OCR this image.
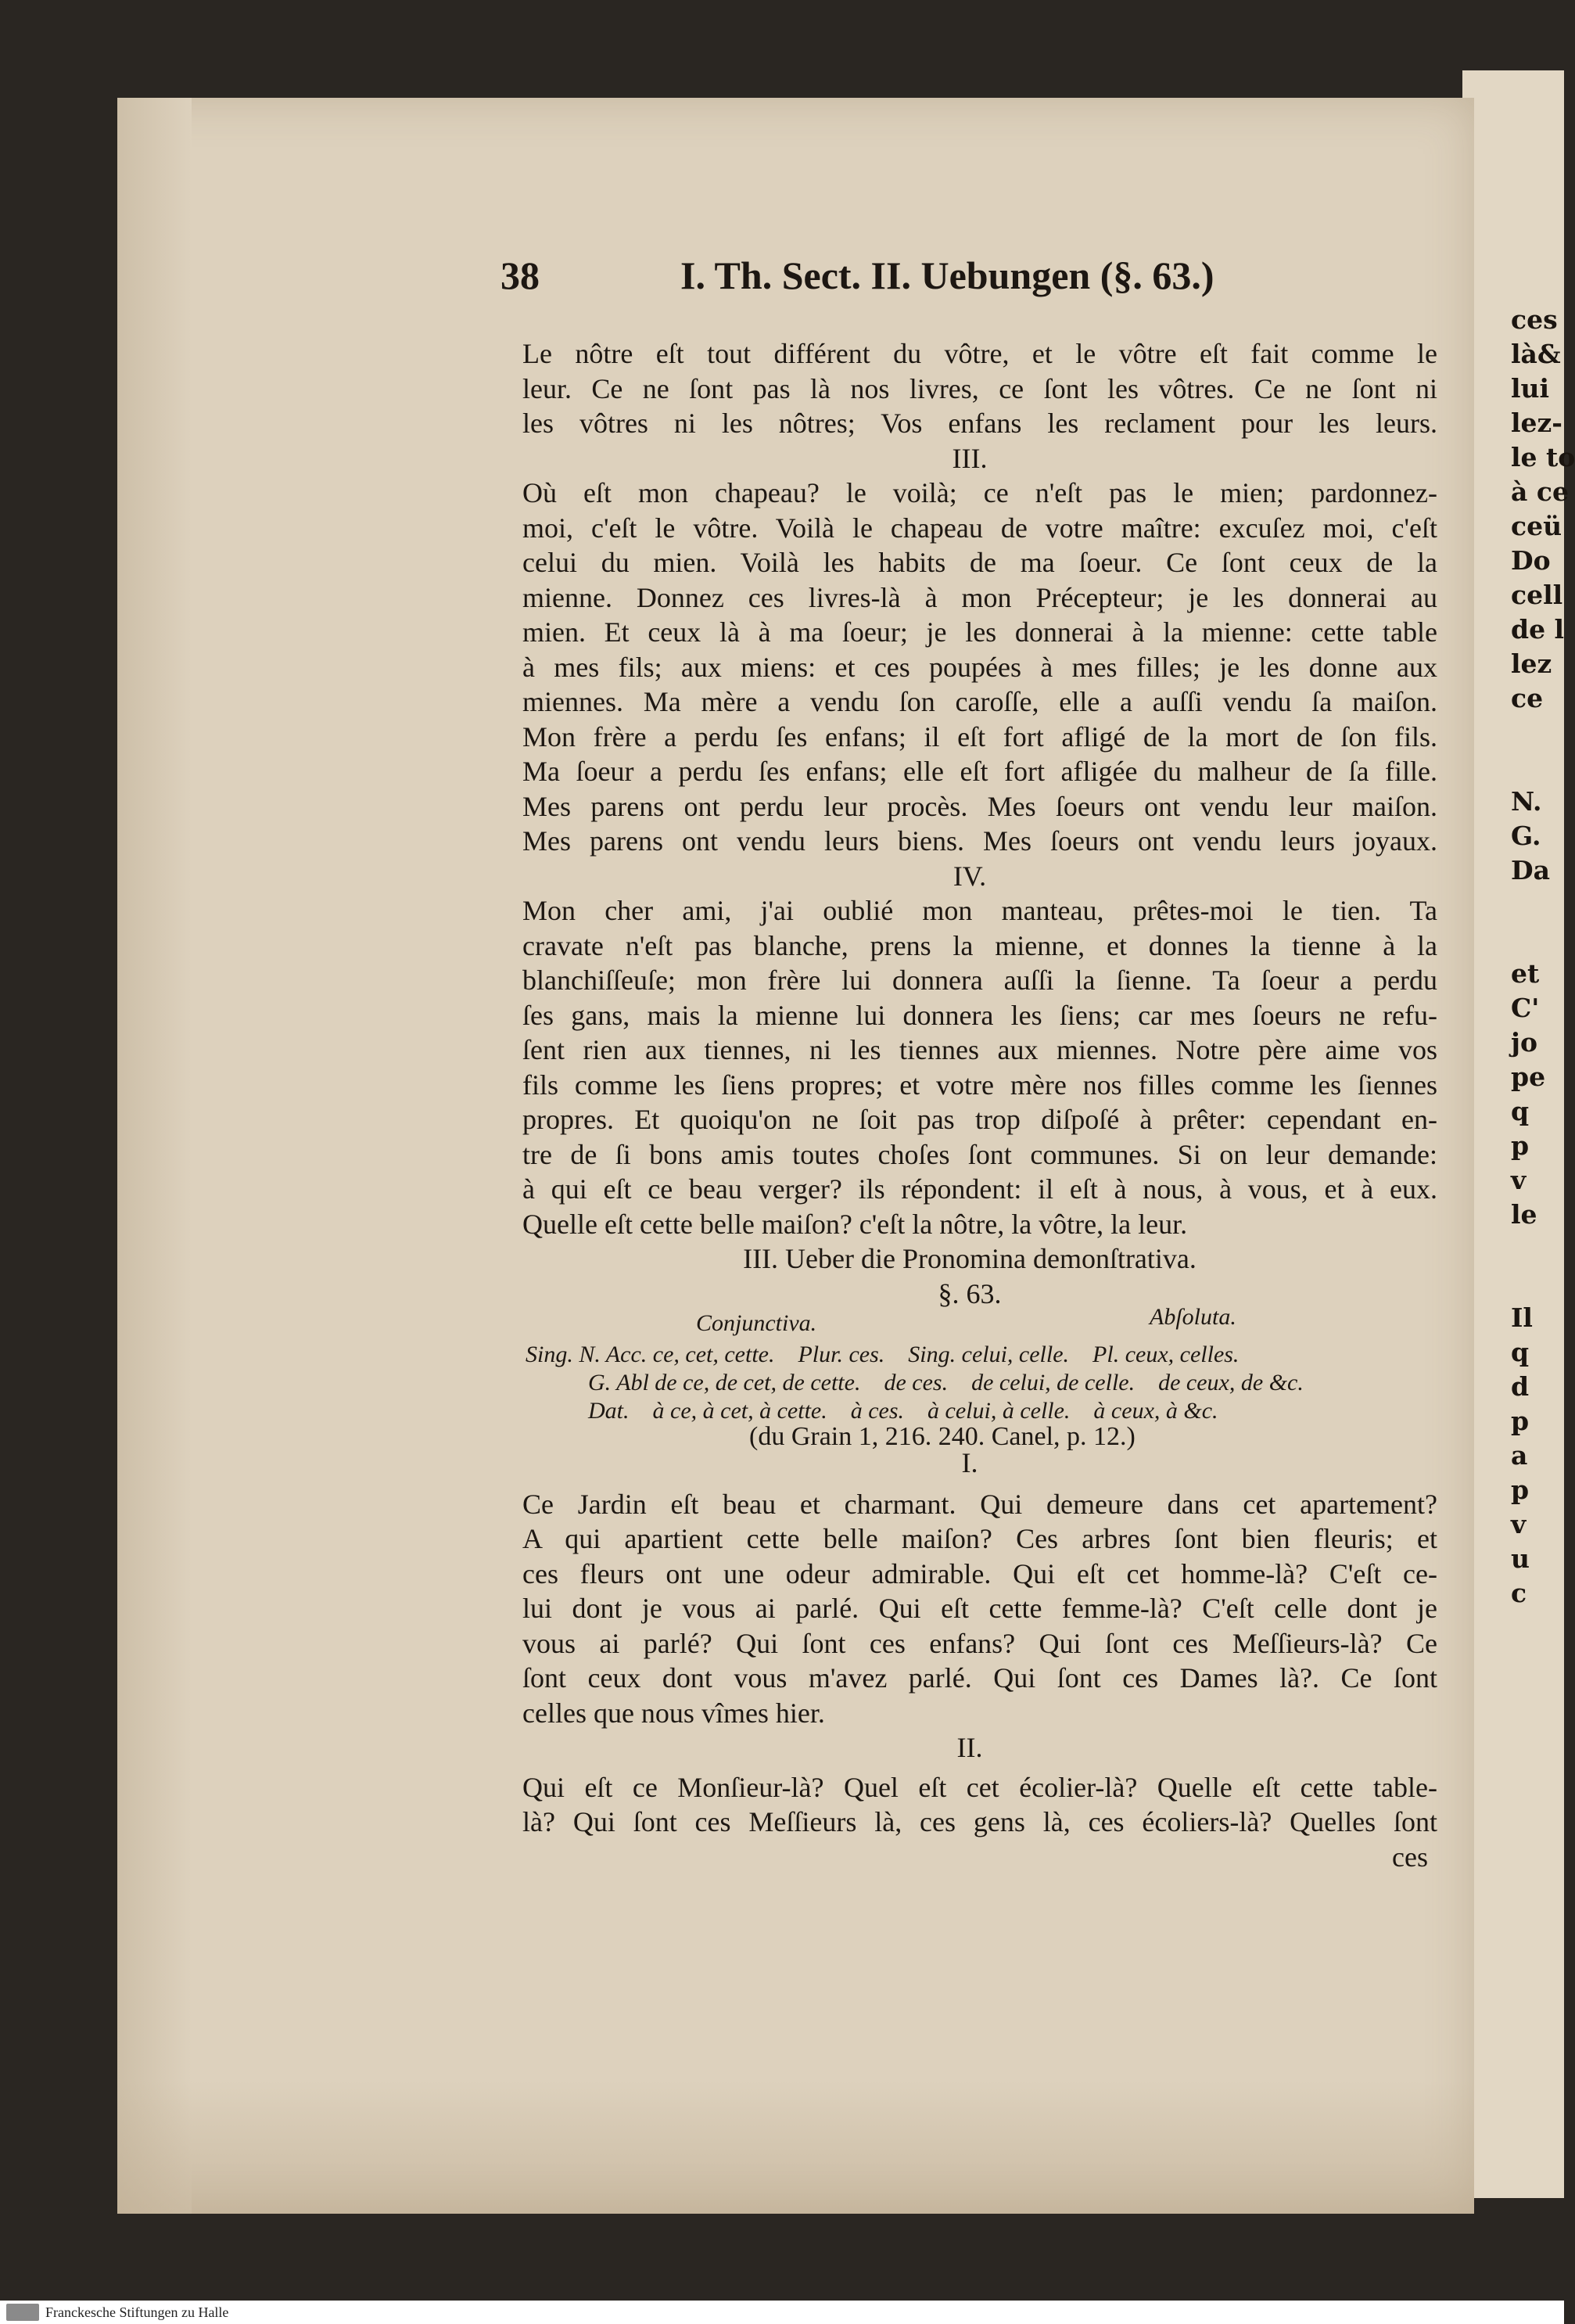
ces
là&
lui
lez-
le to
à ce
ceü
Do
cell
de l
lez
ce
N.
G.
Da
et
C'
jo
pe
q
p
v
le
Il
q
d
p
a
p
v
u
c
38	I. Th. Sect. II. Uebungen (§. 63.)
Le nôtre eſt tout différent du vôtre, et le vôtre eſt fait comme le
leur. Ce ne ſont pas là nos livres, ce ſont les vôtres. Ce ne ſont ni
les vôtres ni les nôtres; Vos enfans les reclament pour les leurs.
III.
Où eſt mon chapeau? le voilà; ce n'eſt pas le mien; pardonnez-
moi, c'eſt le vôtre. Voilà le chapeau de votre maître: excuſez moi, c'eſt
celui du mien. Voilà les habits de ma ſoeur. Ce ſont ceux de la
mienne. Donnez ces livres-là à mon Précepteur; je les donnerai au
mien. Et ceux là à ma ſoeur; je les donnerai à la mienne: cette table
à mes fils; aux miens: et ces poupées à mes filles; je les donne aux
miennes. Ma mère a vendu ſon caroſſe, elle a auſſi vendu ſa maiſon.
Mon frère a perdu ſes enfans; il eſt fort afligé de la mort de ſon fils.
Ma ſoeur a perdu ſes enfans; elle eſt fort afligée du malheur de ſa fille.
Mes parens ont perdu leur procès. Mes ſoeurs ont vendu leur maiſon.
Mes parens ont vendu leurs biens. Mes ſoeurs ont vendu leurs joyaux.
IV.
Mon cher ami, j'ai oublié mon manteau, prêtes-moi le tien. Ta
cravate n'eſt pas blanche, prens la mienne, et donnes la tienne à la
blanchiſſeuſe; mon frère lui donnera auſſi la ſienne. Ta ſoeur a perdu
ſes gans, mais la mienne lui donnera les ſiens; car mes ſoeurs ne refu-
ſent rien aux tiennes, ni les tiennes aux miennes. Notre père aime vos
fils comme les ſiens propres; et votre mère nos filles comme les ſiennes
propres. Et quoiqu'on ne ſoit pas trop diſpoſé à prêter: cependant en-
tre de ſi bons amis toutes choſes ſont communes. Si on leur demande:
à qui eſt ce beau verger? ils répondent: il eſt à nous, à vous, et à eux.
Quelle eſt cette belle maiſon? c'eſt la nôtre, la vôtre, la leur.
III. Ueber die Pronomina demonſtrativa.
§. 63.
Conjunctiva.	Abſoluta.
Sing. N. Acc. ce, cet, cette.    Plur. ces.    Sing. celui, celle.    Pl. ceux, celles.
G. Abl de ce, de cet, de cette.    de ces.    de celui, de celle.    de ceux, de &c.
Dat.    à ce, à cet, à cette.    à ces.    à celui, à celle.    à ceux, à &c.
(du Grain 1, 216. 240. Canel, p. 12.)
I.
Ce Jardin eſt beau et charmant. Qui demeure dans cet apartement?
A qui apartient cette belle maiſon? Ces arbres ſont bien fleuris; et
ces fleurs ont une odeur admirable. Qui eſt cet homme-là? C'eſt ce-
lui dont je vous ai parlé. Qui eſt cette femme-là? C'eſt celle dont je
vous ai parlé? Qui ſont ces enfans? Qui ſont ces Meſſieurs-là? Ce
ſont ceux dont vous m'avez parlé. Qui ſont ces Dames là?. Ce ſont
celles que nous vîmes hier.
II.
Qui eſt ce Monſieur-là? Quel eſt cet écolier-là? Quelle eſt cette table-
là? Qui ſont ces Meſſieurs là, ces gens là, ces écoliers-là? Quelles ſont
ces
Franckesche Stiftungen zu Halle
